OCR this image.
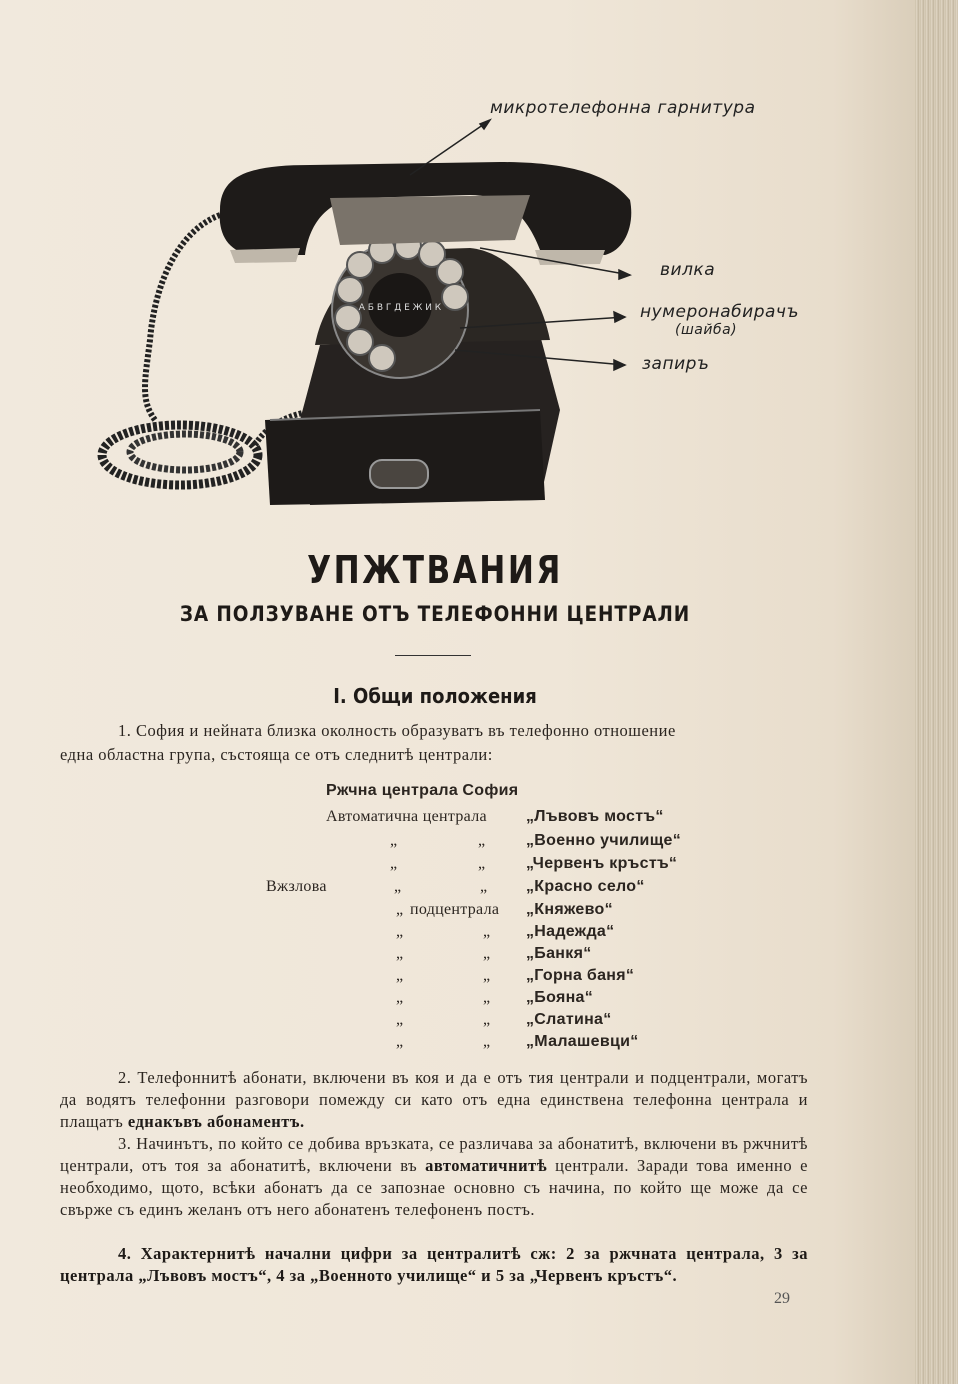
А Б В Г Д Е Ж И К
микротелефонна гарнитура
вилка
нумеронабирачъ
(шайба)
запиръ
УПЖТВАНИЯ
ЗА ПОЛЗУВАНЕ ОТЪ ТЕЛЕФОННИ ЦЕНТРАЛИ
I. Общи положения
1. София и нейната близка околность образуватъ въ телефонно отношение
една областна група, състояща се отъ следнитѣ централи:
Ржчна централа София
Автоматична централа „Лъвовъ мостъ“
„	„	„Военно училище“
„	„	„Червенъ кръстъ“
Вжзлова	„	„ „Красно село“
„ подцентрала „Княжево“
„	„ „Надежда“
„	„ „Банкя“
„	„ „Горна баня“
„	„ „Бояна“
„	„ „Слатина“
„	„ „Малашевци“
2. Телефоннитѣ абонати, включени въ коя и да е отъ тия централи и подцентрали, могатъ да водятъ телефонни разговори помежду си като отъ една единствена телефонна централа и плащатъ еднакъвъ абонаментъ.
3. Начинътъ, по който се добива връзката, се различава за абонатитѣ, включени въ ржчнитѣ централи, отъ тоя за абонатитѣ, включени въ автоматичнитѣ централи. Заради това именно е необходимо, щото, всѣки абонатъ да се запознае основно съ начина, по който ще може да се свърже съ единъ желанъ отъ него абонатенъ телефоненъ постъ.
4. Характернитѣ начални цифри за централитѣ сж: 2 за ржчната централа, 3 за централа „Лъвовъ мостъ“, 4 за „Военното училище“ и 5 за „Червенъ кръстъ“.
29
